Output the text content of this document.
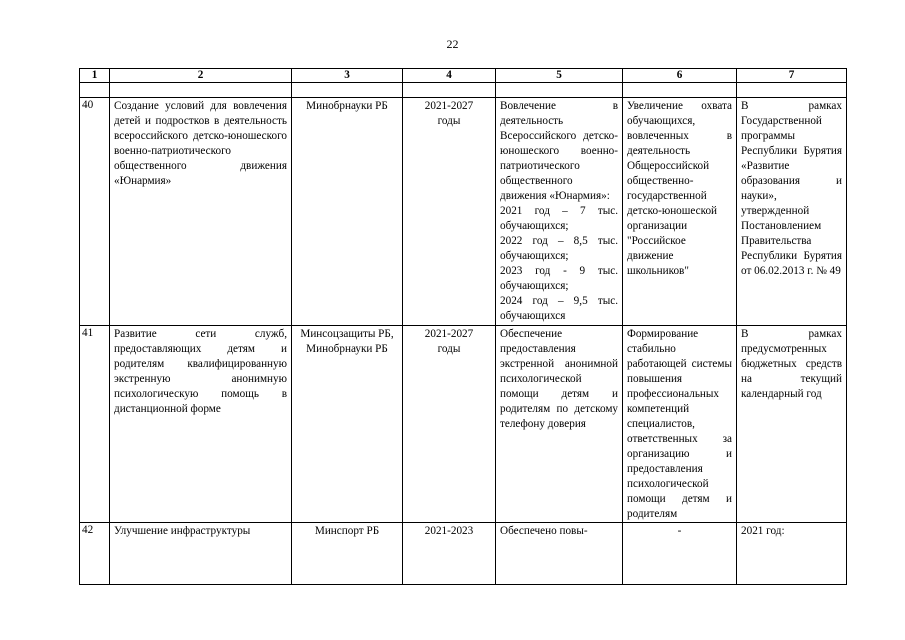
22
1	2	3	4	5	6	7

40	Создание условий для вовлечения детей и подростков в деятельность всероссийского детско-юношеского военно-патриотического общественного движения «Юнармия»	Минобрнауки РБ	2021-2027
годы	Вовлечение в деятельность Всероссийского детско-юношеского военно-патриотического общественного движения «Юнармия»:
2021 год – 7 тыс. обучающихся;
2022 год – 8,5 тыс. обучающихся;
2023 год - 9 тыс. обучающихся;
2024 год – 9,5 тыс. обучающихся	Увеличение охвата обучающихся, вовлеченных в деятельность Общероссийской общественно-государственной детско-юношеской организации "Российское движение школьников"	В рамках Государственной программы Республики Бурятия «Развитие образования и науки», утвержденной Постановлением Правительства Республики Бурятия от 06.02.2013 г. № 49
41	Развитие сети служб, предоставляющих детям и родителям квалифицированную экстренную анонимную психологическую помощь в дистанционной форме	Минсоцзащиты РБ, Минобрнауки РБ	2021-2027
годы	Обеспечение предоставления экстренной анонимной психологической помощи детям и родителям по детскому телефону доверия	Формирование стабильно работающей системы повышения профессиональных компетенций специалистов, ответственных за организацию и предоставления психологической помощи детям и родителям	В рамках предусмотренных бюджетных средств на текущий календарный год
42	Улучшение инфраструктуры	Минспорт РБ	2021-2023	Обеспечено повы-	-	2021 год:
